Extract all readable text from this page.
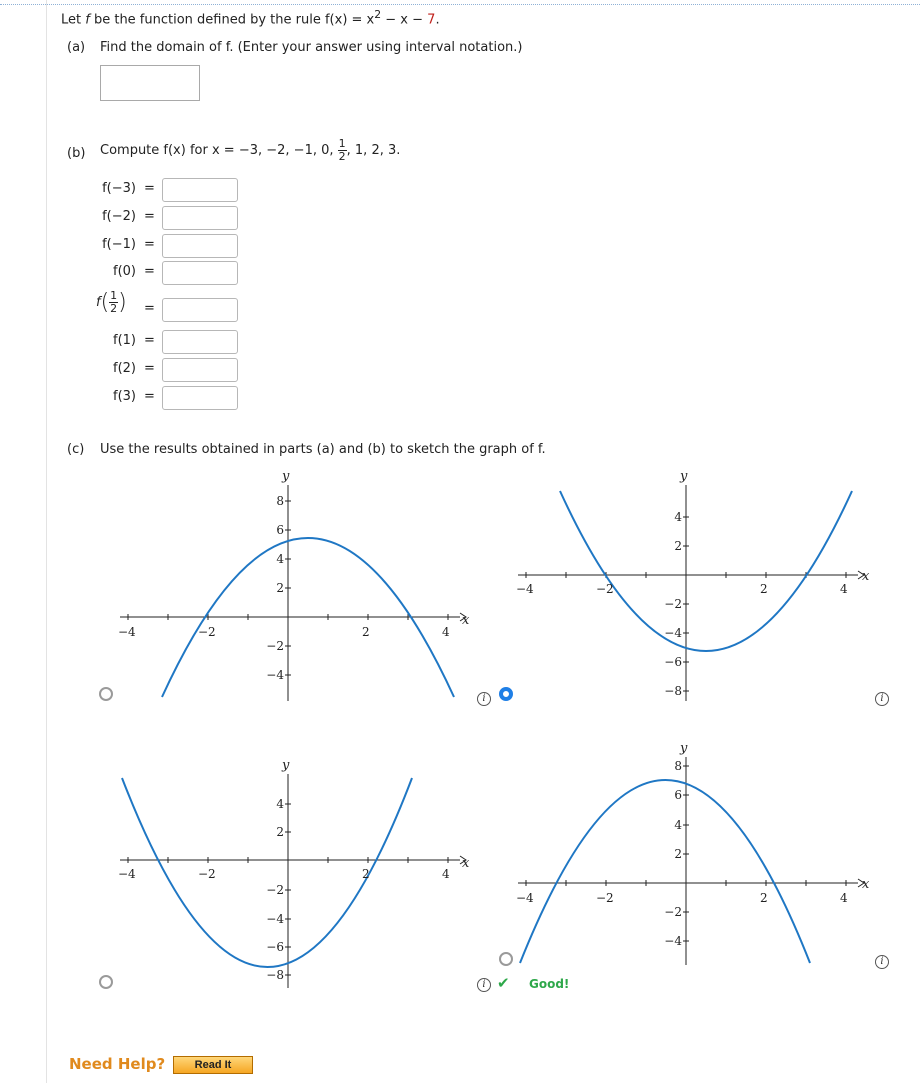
Let f be the function defined by the rule $f(x) = x^2 - x - 7$.
(a) Find the domain of f. (Enter your answer using interval notation.)
(b) Compute f(x) for x = −3, −2, −1, 0, $\frac{1}{2}$ , 1, 2, 3.
f(−3) =
f(−2) =
f(−1) =
f(0) =
$f( \frac{1}{2}$ ) =
f(1) =
f(2) =
f(3) =
(c) Use the results obtained in parts (a) and (b) to sketch the graph of f.
−4	−2	2	4
8
6
4
2
−2
−4
x
y
i
−4	−2	2	4
4
2
−2
−4
−6
−8
x
y
i
−4	−2	2	4
4
2
−2
−4
−6
−8
x
y
i ✔ Good!
−4	−2	2	4
8
6
4
2
−2
−4
x
y
i
Need Help?	Read It
